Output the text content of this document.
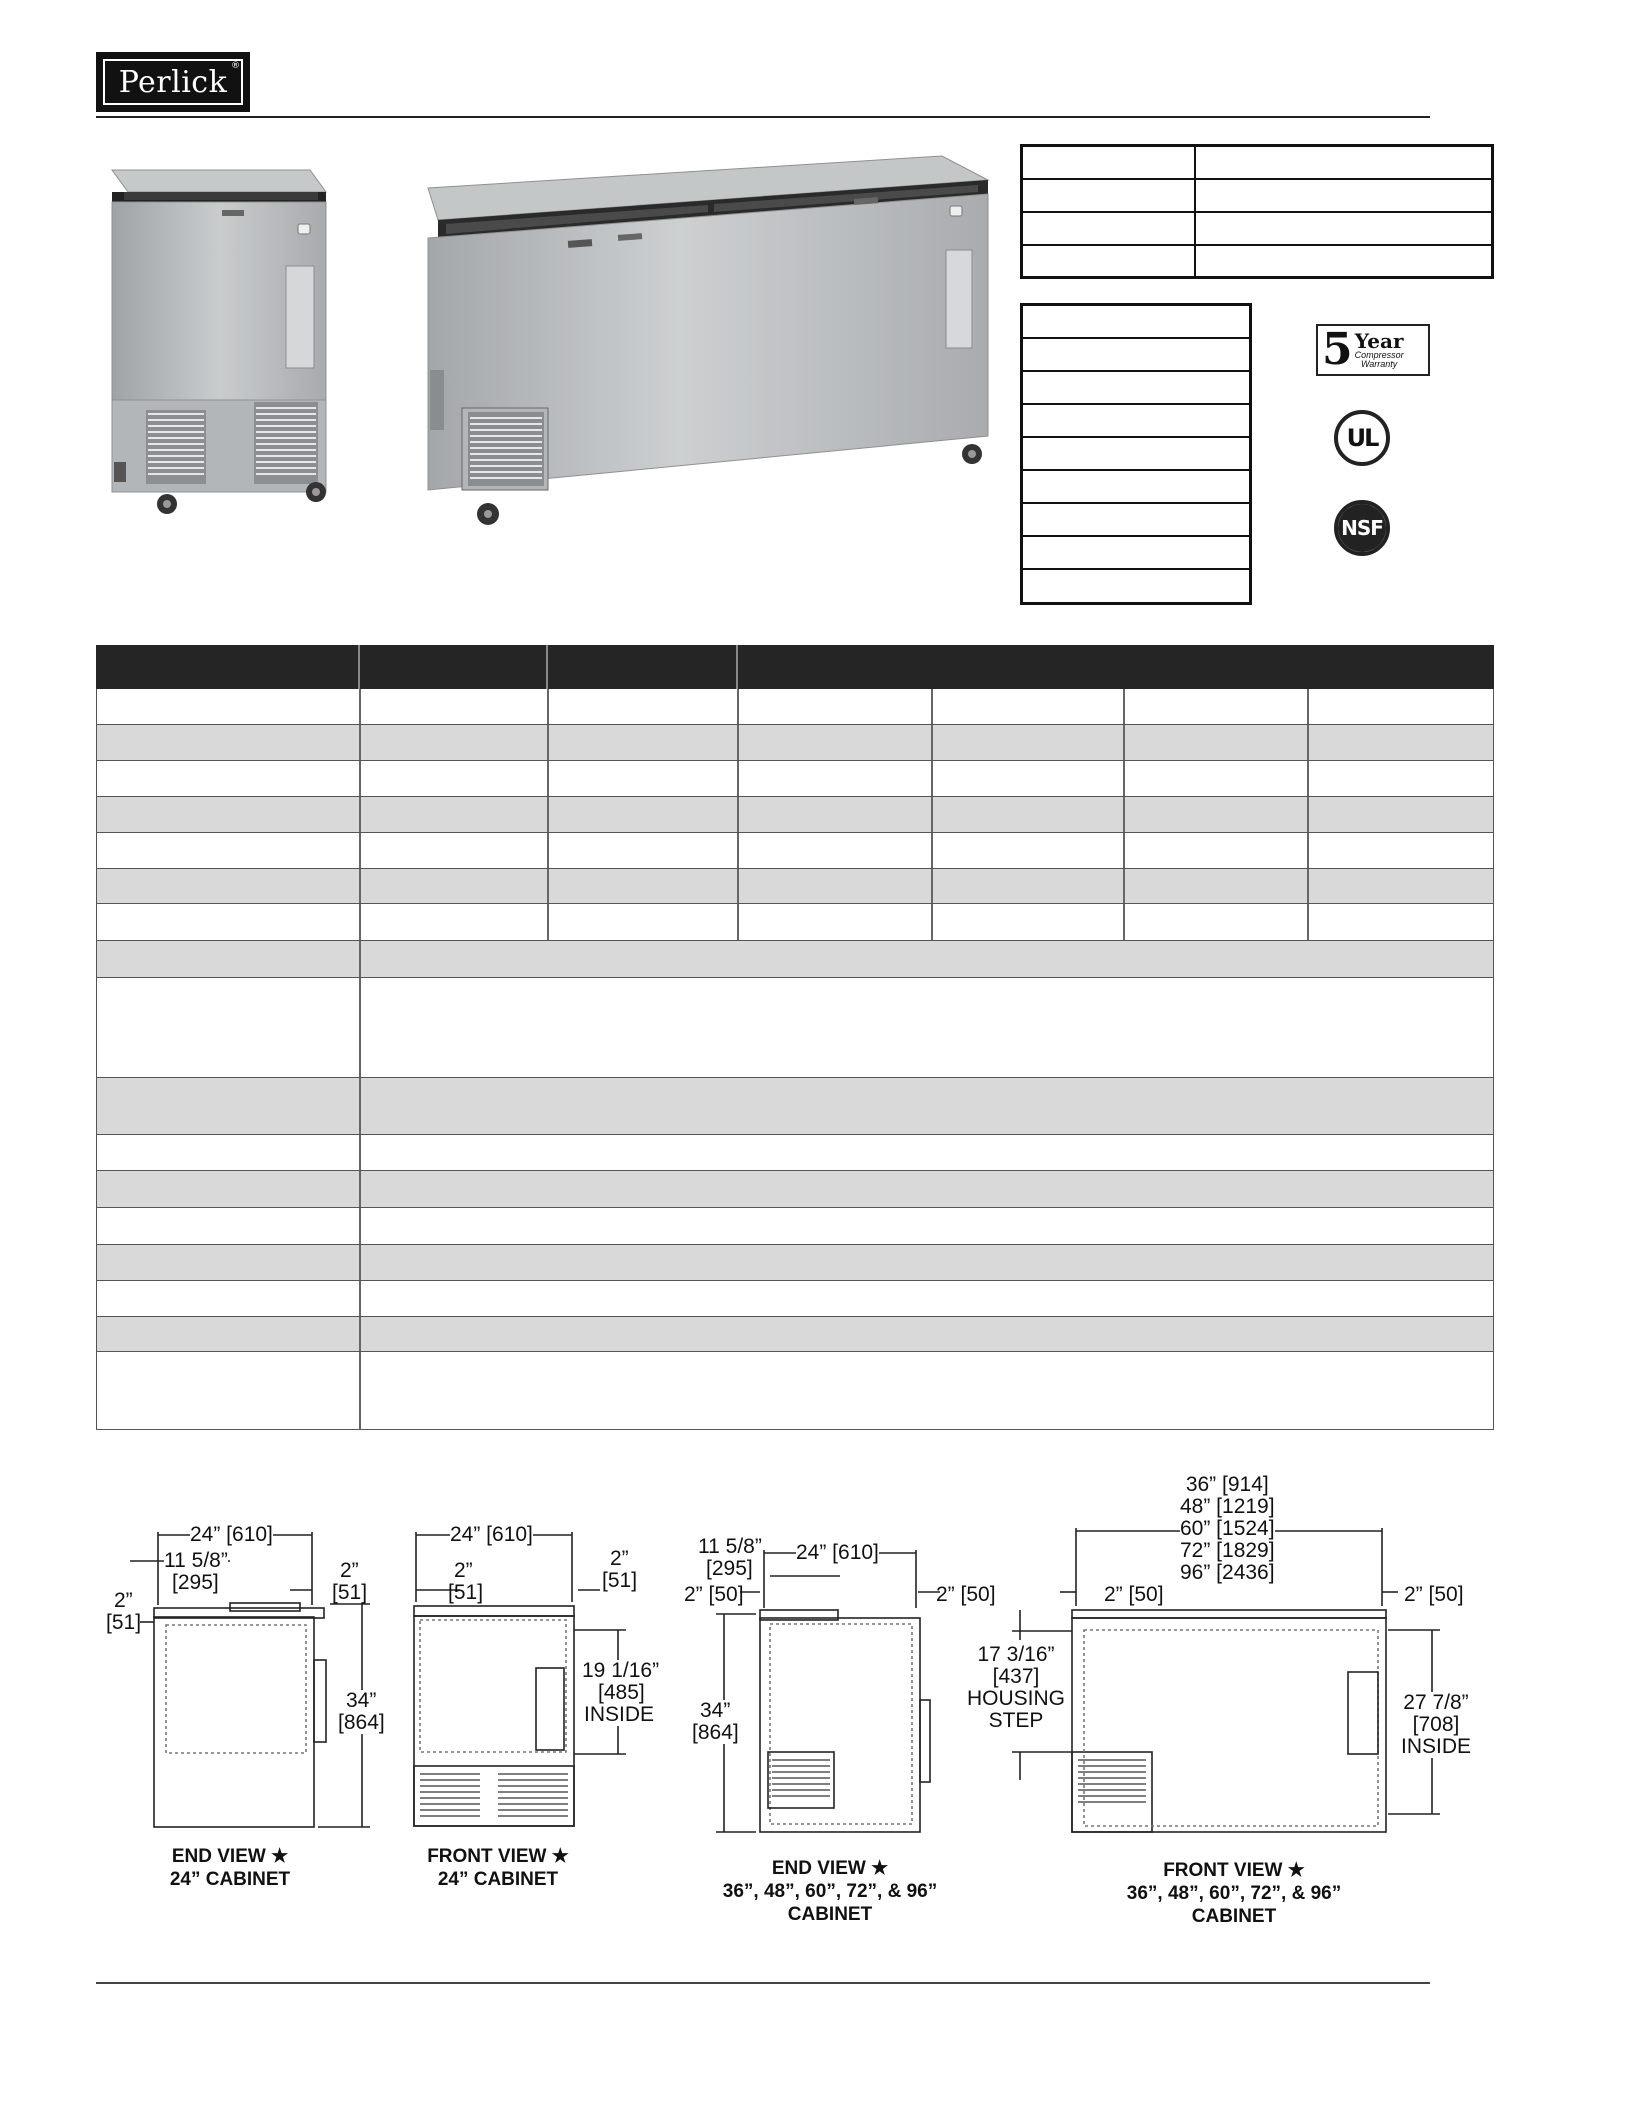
Perlick ®
5 Year
Compressor
Warranty
UL
NSF
24” [610]
11 5/8”
[295]
2”
[51]
2”
[51]
34”
[864]
END VIEW ★
24” CABINET
24” [610]
2”
[51]
2”
[51]
19 1/16”
[485]
INSIDE
FRONT VIEW ★
24” CABINET
11 5/8”
[295]
24” [610]
2” [50]	2” [50]
34”
[864]
END VIEW ★
36”, 48”, 60”, 72”, & 96”
CABINET
36” [914]
48” [1219]
60” [1524]
72” [1829]
96” [2436]
2” [50]	2” [50]
17 3/16”
[437]
HOUSING
STEP
27 7/8”
[708]
INSIDE
FRONT VIEW ★
36”, 48”, 60”, 72”, & 96”
CABINET
